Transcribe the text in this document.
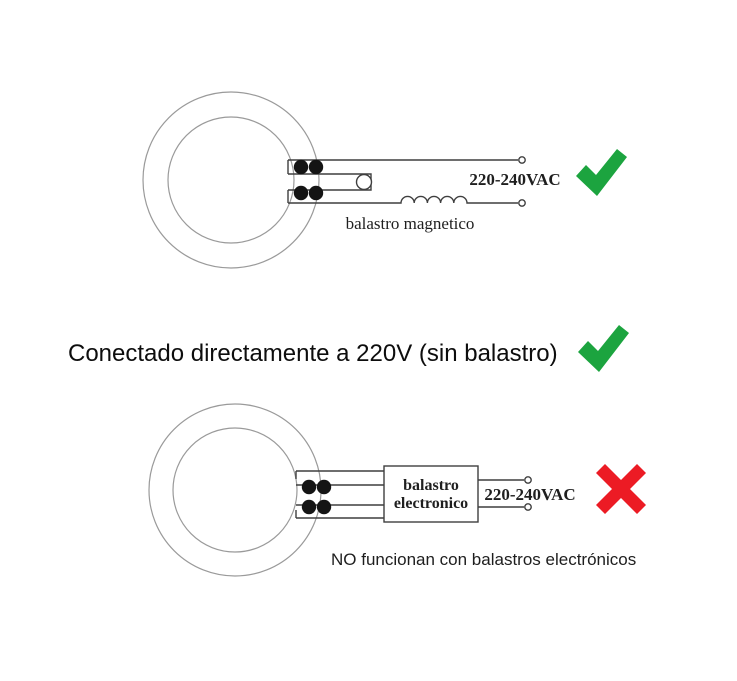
220-240VAC
balastro magnetico
Conectado directamente a 220V (sin balastro)
balastro
electronico 220-240VAC
NO funcionan con balastros electrónicos
